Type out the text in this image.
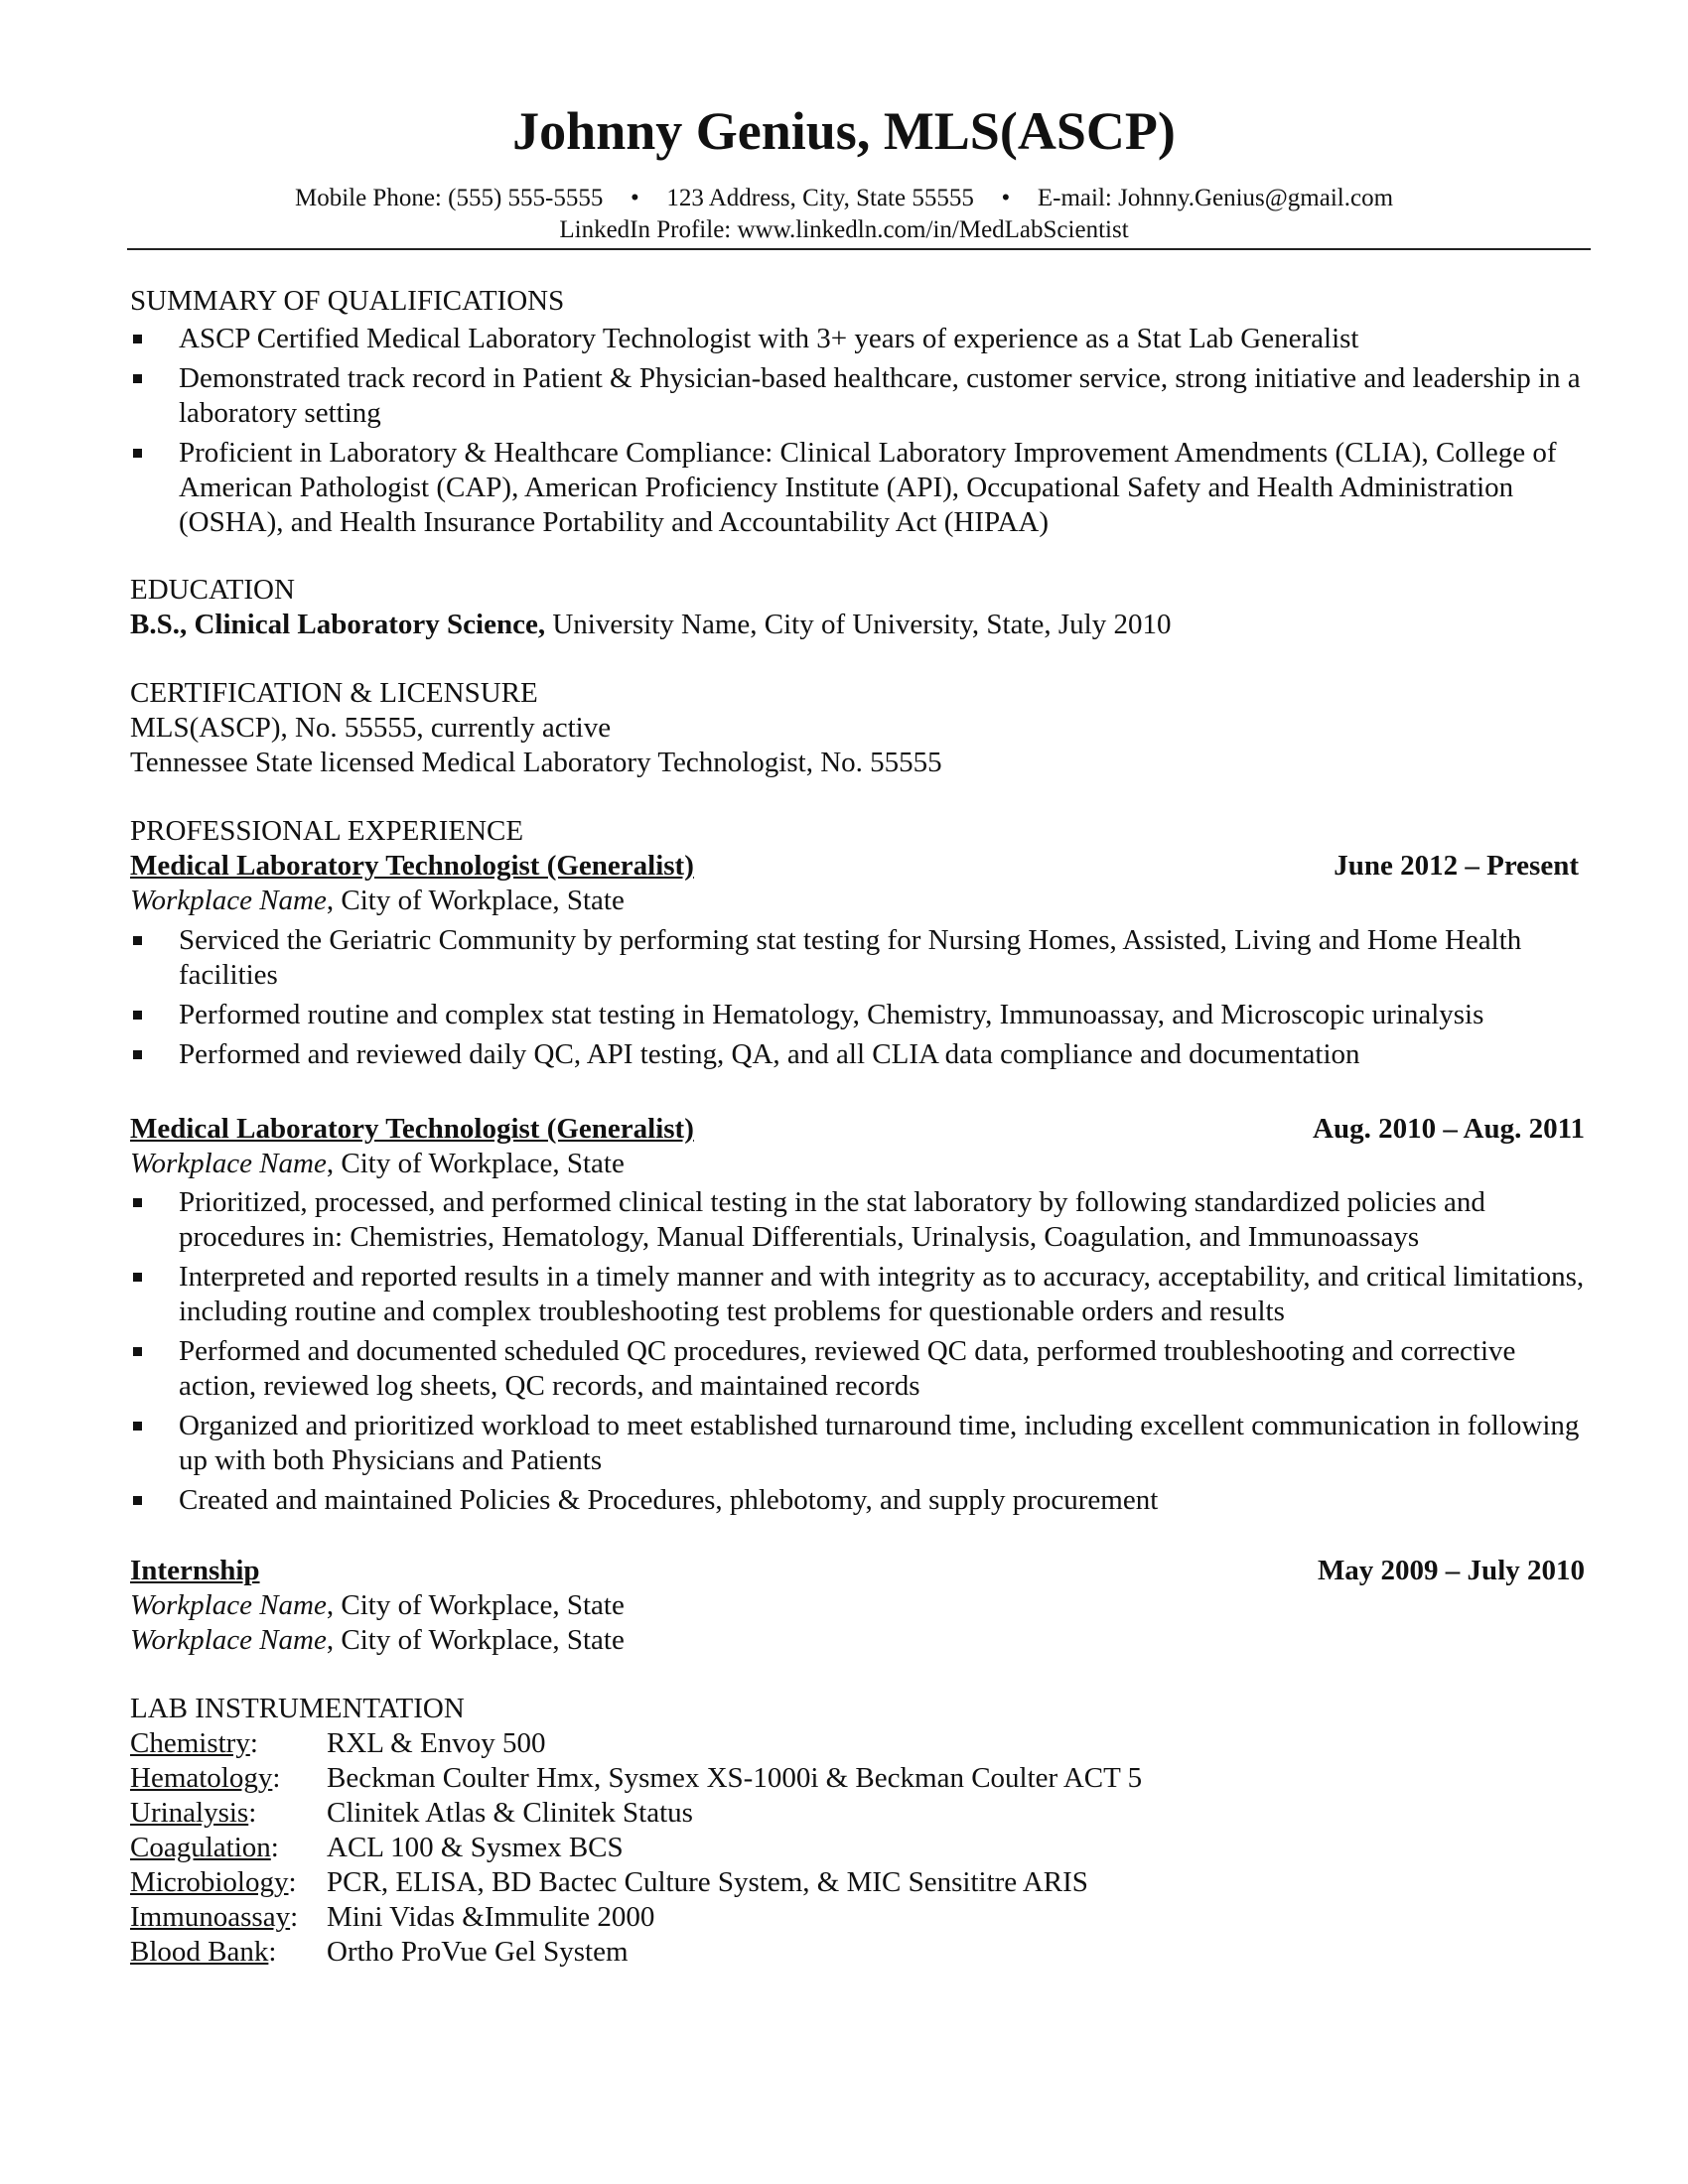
Johnny Genius, MLS(ASCP)
Mobile Phone: (555) 555-5555 • 123 Address, City, State 55555 • E-mail: Johnny.Genius@gmail.com
LinkedIn Profile: www.linkedln.com/in/MedLabScientist
SUMMARY OF QUALIFICATIONS
ASCP Certified Medical Laboratory Technologist with 3+ years of experience as a Stat Lab Generalist
Demonstrated track record in Patient & Physician-based healthcare, customer service, strong initiative and leadership in a laboratory setting
Proficient in Laboratory & Healthcare Compliance: Clinical Laboratory Improvement Amendments (CLIA), College of American Pathologist (CAP), American Proficiency Institute (API), Occupational Safety and Health Administration (OSHA), and Health Insurance Portability and Accountability Act (HIPAA)
EDUCATION
B.S., Clinical Laboratory Science, University Name, City of University, State, July 2010
CERTIFICATION & LICENSURE
MLS(ASCP), No. 55555, currently active
Tennessee State licensed Medical Laboratory Technologist, No. 55555
PROFESSIONAL EXPERIENCE
Medical Laboratory Technologist (Generalist)	June 2012 – Present
Workplace Name, City of Workplace, State
Serviced the Geriatric Community by performing stat testing for Nursing Homes, Assisted, Living and Home Health facilities
Performed routine and complex stat testing in Hematology, Chemistry, Immunoassay, and Microscopic urinalysis
Performed and reviewed daily QC, API testing, QA, and all CLIA data compliance and documentation
Medical Laboratory Technologist (Generalist)	Aug. 2010 – Aug. 2011
Workplace Name, City of Workplace, State
Prioritized, processed, and performed clinical testing in the stat laboratory by following standardized policies and procedures in: Chemistries, Hematology, Manual Differentials, Urinalysis, Coagulation, and Immunoassays
Interpreted and reported results in a timely manner and with integrity as to accuracy, acceptability, and critical limitations, including routine and complex troubleshooting test problems for questionable orders and results
Performed and documented scheduled QC procedures, reviewed QC data, performed troubleshooting and corrective action, reviewed log sheets, QC records, and maintained records
Organized and prioritized workload to meet established turnaround time, including excellent communication in following up with both Physicians and Patients
Created and maintained Policies & Procedures, phlebotomy, and supply procurement
Internship	May 2009 – July 2010
Workplace Name, City of Workplace, State
Workplace Name, City of Workplace, State
LAB INSTRUMENTATION
Chemistry: RXL & Envoy 500
Hematology: Beckman Coulter Hmx, Sysmex XS-1000i & Beckman Coulter ACT 5
Urinalysis: Clinitek Atlas & Clinitek Status
Coagulation: ACL 100 & Sysmex BCS
Microbiology: PCR, ELISA, BD Bactec Culture System, & MIC Sensititre ARIS
Immunoassay: Mini Vidas &Immulite 2000
Blood Bank: Ortho ProVue Gel System
